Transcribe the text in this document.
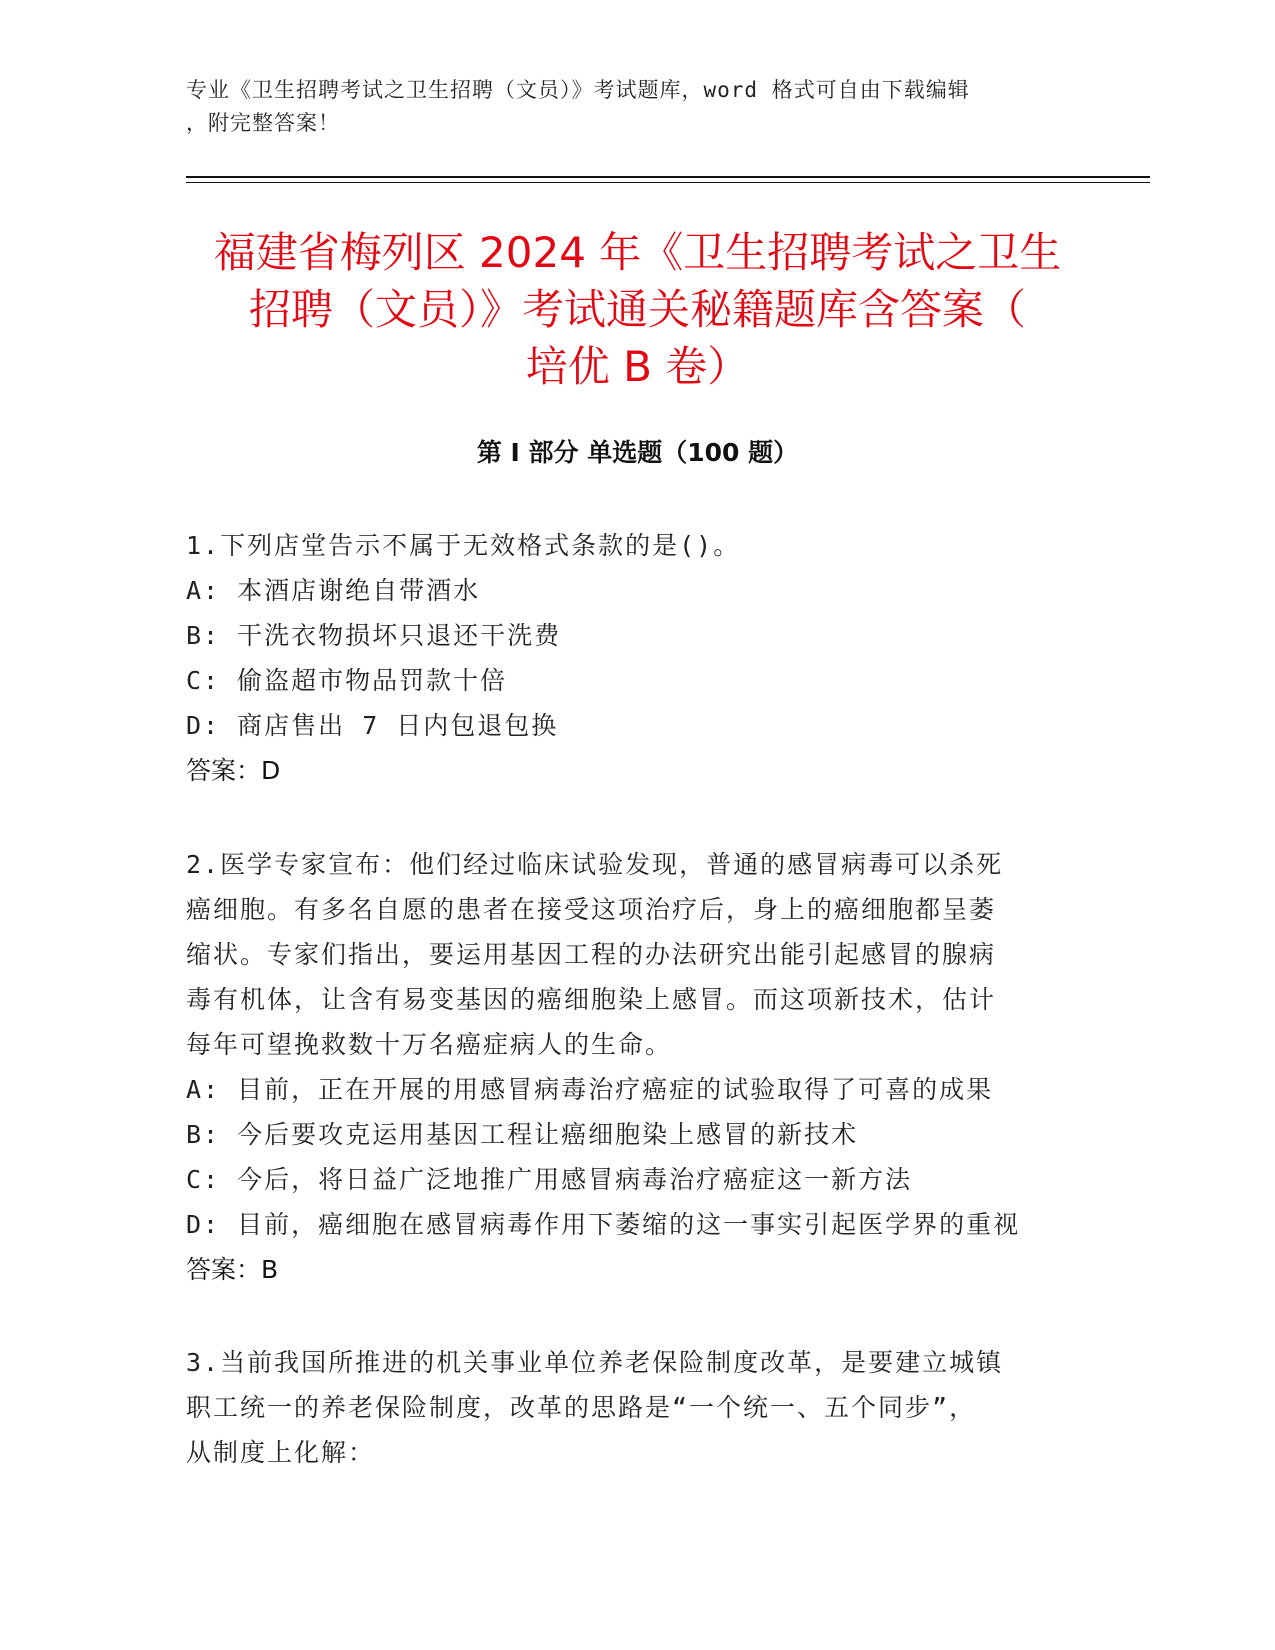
专业《卫生招聘考试之卫生招聘（文员）》考试题库，word 格式可自由下载编辑
，附完整答案！
福建省梅列区 2024 年《卫生招聘考试之卫生
招聘（文员）》考试通关秘籍题库含答案（
培优 B 卷）
第 I 部分 单选题（100 题）

1.下列店堂告示不属于无效格式条款的是()。

A: 本酒店谢绝自带酒水

B: 干洗衣物损坏只退还干洗费

C: 偷盗超市物品罚款十倍

D: 商店售出 7 日内包退包换

答案：D

2.医学专家宣布：他们经过临床试验发现，普通的感冒病毒可以杀死

癌细胞。有多名自愿的患者在接受这项治疗后，身上的癌细胞都呈萎

缩状。专家们指出，要运用基因工程的办法研究出能引起感冒的腺病

毒有机体，让含有易变基因的癌细胞染上感冒。而这项新技术，估计

每年可望挽救数十万名癌症病人的生命。

A: 目前，正在开展的用感冒病毒治疗癌症的试验取得了可喜的成果

B: 今后要攻克运用基因工程让癌细胞染上感冒的新技术

C: 今后，将日益广泛地推广用感冒病毒治疗癌症这一新方法

D: 目前，癌细胞在感冒病毒作用下萎缩的这一事实引起医学界的重视

答案：B

3.当前我国所推进的机关事业单位养老保险制度改革，是要建立城镇

职工统一的养老保险制度，改革的思路是“一个统一、五个同步”，

从制度上化解：
